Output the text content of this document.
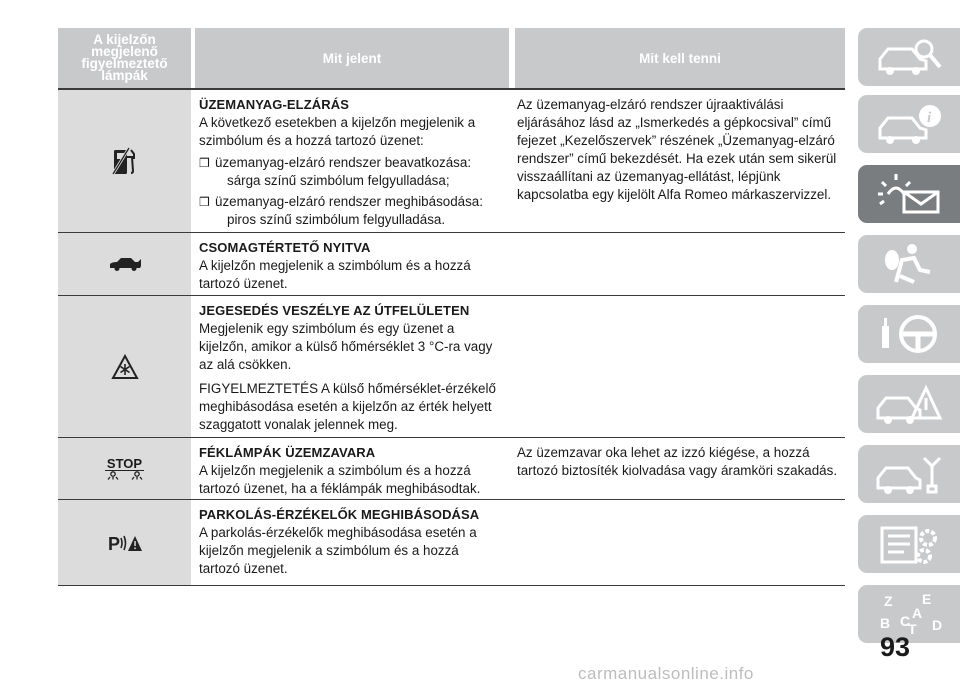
A kijelzőn megjelenő figyelmeztető lámpák
Mit jelent	Mit kell tenni
ÜZEMANYAG-ELZÁRÁS

A következő esetekben a kijelzőn megjelenik a szimbólum és a hozzá tartozó üzenet:

❒ üzemanyag-elzáró rendszer beavatkozása:
sárga színű szimbólum felgyulladása;
❒ üzemanyag-elzáró rendszer meghibásodása:
piros színű szimbólum felgyulladása.

Az üzemanyag-elzáró rendszer újraaktiválási eljárásához lásd az „Ismerkedés a gépkocsival” című fejezet „Kezelőszervek” részének „Üzemanyag-elzáró rendszer” című bekezdését. Ha ezek után sem sikerül visszaállítani az üzemanyag-ellátást, lépjünk kapcsolatba egy kijelölt Alfa Romeo márkaszervizzel.

CSOMAGTÉRTETŐ NYITVA

A kijelzőn megjelenik a szimbólum és a hozzá tartozó üzenet.

JEGESEDÉS VESZÉLYE AZ ÚTFELÜLETEN

Megjelenik egy szimbólum és egy üzenet a kijelzőn, amikor a külső hőmérséklet 3 °C-ra vagy az alá csökken.

FIGYELMEZTETÉS A külső hőmérséklet-érzékelő meghibásodása esetén a kijelzőn az érték helyett szaggatott vonalak jelennek meg.

STOP
FÉKLÁMPÁK ÜZEMZAVARA

A kijelzőn megjelenik a szimbólum és a hozzá tartozó üzenet, ha a féklámpák meghibásodtak.

Az üzemzavar oka lehet az izzó kiégése, a hozzá tartozó biztosíték kiolvadása vagy áramköri szakadás.

P
PARKOLÁS-ÉRZÉKELŐK MEGHIBÁSODÁSA

A parkolás-érzékelők meghibásodása esetén a kijelzőn megjelenik a szimbólum és a hozzá tartozó üzenet.

i
Z E
A
B C
T D
93
carmanualsonline.info
